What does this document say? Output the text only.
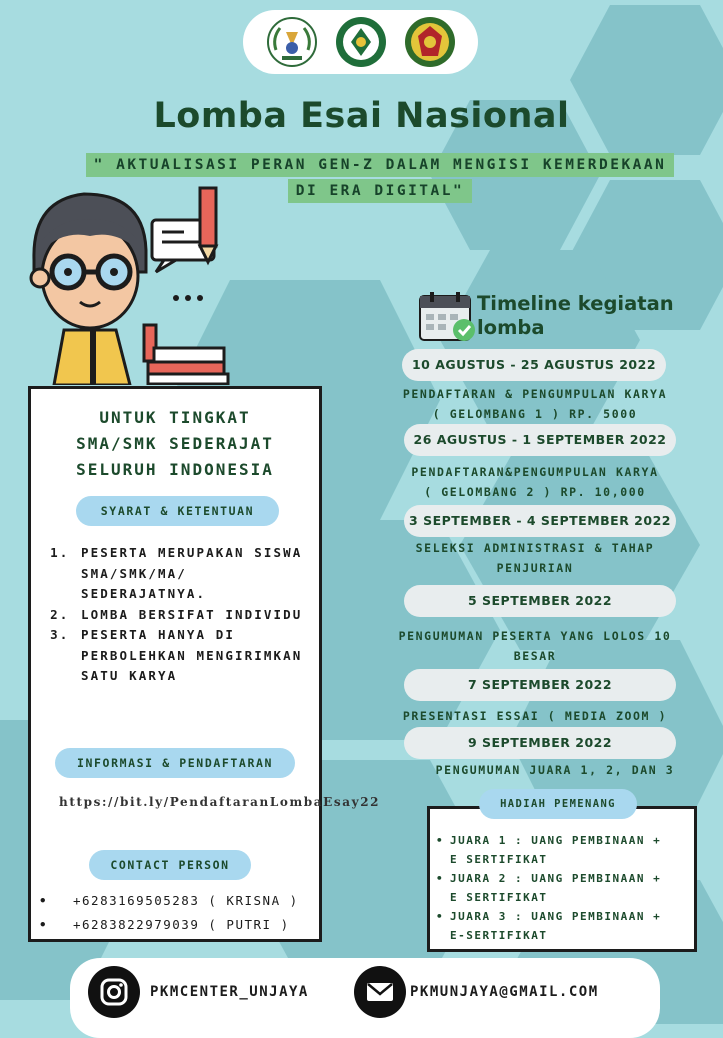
Lomba Esai Nasional
" AKTUALISASI PERAN GEN-Z DALAM MENGISI KEMERDEKAAN
DI ERA DIGITAL"
UNTUK TINGKAT
SMA/SMK SEDERAJAT
SELURUH INDONESIA
SYARAT & KETENTUAN
1. PESERTA MERUPAKAN SISWA SMA/SMK/MA/ SEDERAJATNYA.
2. LOMBA BERSIFAT INDIVIDU
3. PESERTA HANYA DI PERBOLEHKAN MENGIRIMKAN SATU KARYA
INFORMASI & PENDAFTARAN
https://bit.ly/PendaftaranLombaEsay22
CONTACT PERSON
•	+6283169505283 ( KRISNA )
•	+6283822979039 ( PUTRI )
Timeline kegiatan
lomba
10 AGUSTUS - 25 AGUSTUS 2022
PENDAFTARAN & PENGUMPULAN KARYA
( GELOMBANG 1 ) RP. 5000
26 AGUSTUS - 1 SEPTEMBER 2022
PENDAFTARAN&PENGUMPULAN KARYA
( GELOMBANG 2 ) RP. 10,000
3 SEPTEMBER - 4 SEPTEMBER 2022
SELEKSI ADMINISTRASI & TAHAP
PENJURIAN
5 SEPTEMBER 2022
PENGUMUMAN PESERTA YANG LOLOS 10
BESAR
7 SEPTEMBER 2022
PRESENTASI ESSAI ( MEDIA ZOOM )
9 SEPTEMBER 2022
PENGUMUMAN JUARA 1, 2, DAN 3
• JUARA 1 : UANG PEMBINAAN +
E SERTIFIKAT
• JUARA 2 : UANG PEMBINAAN +
E SERTIFIKAT
• JUARA 3 : UANG PEMBINAAN +
E-SERTIFIKAT
HADIAH PEMENANG
PKMCENTER_UNJAYA	PKMUNJAYA@GMAIL.COM
